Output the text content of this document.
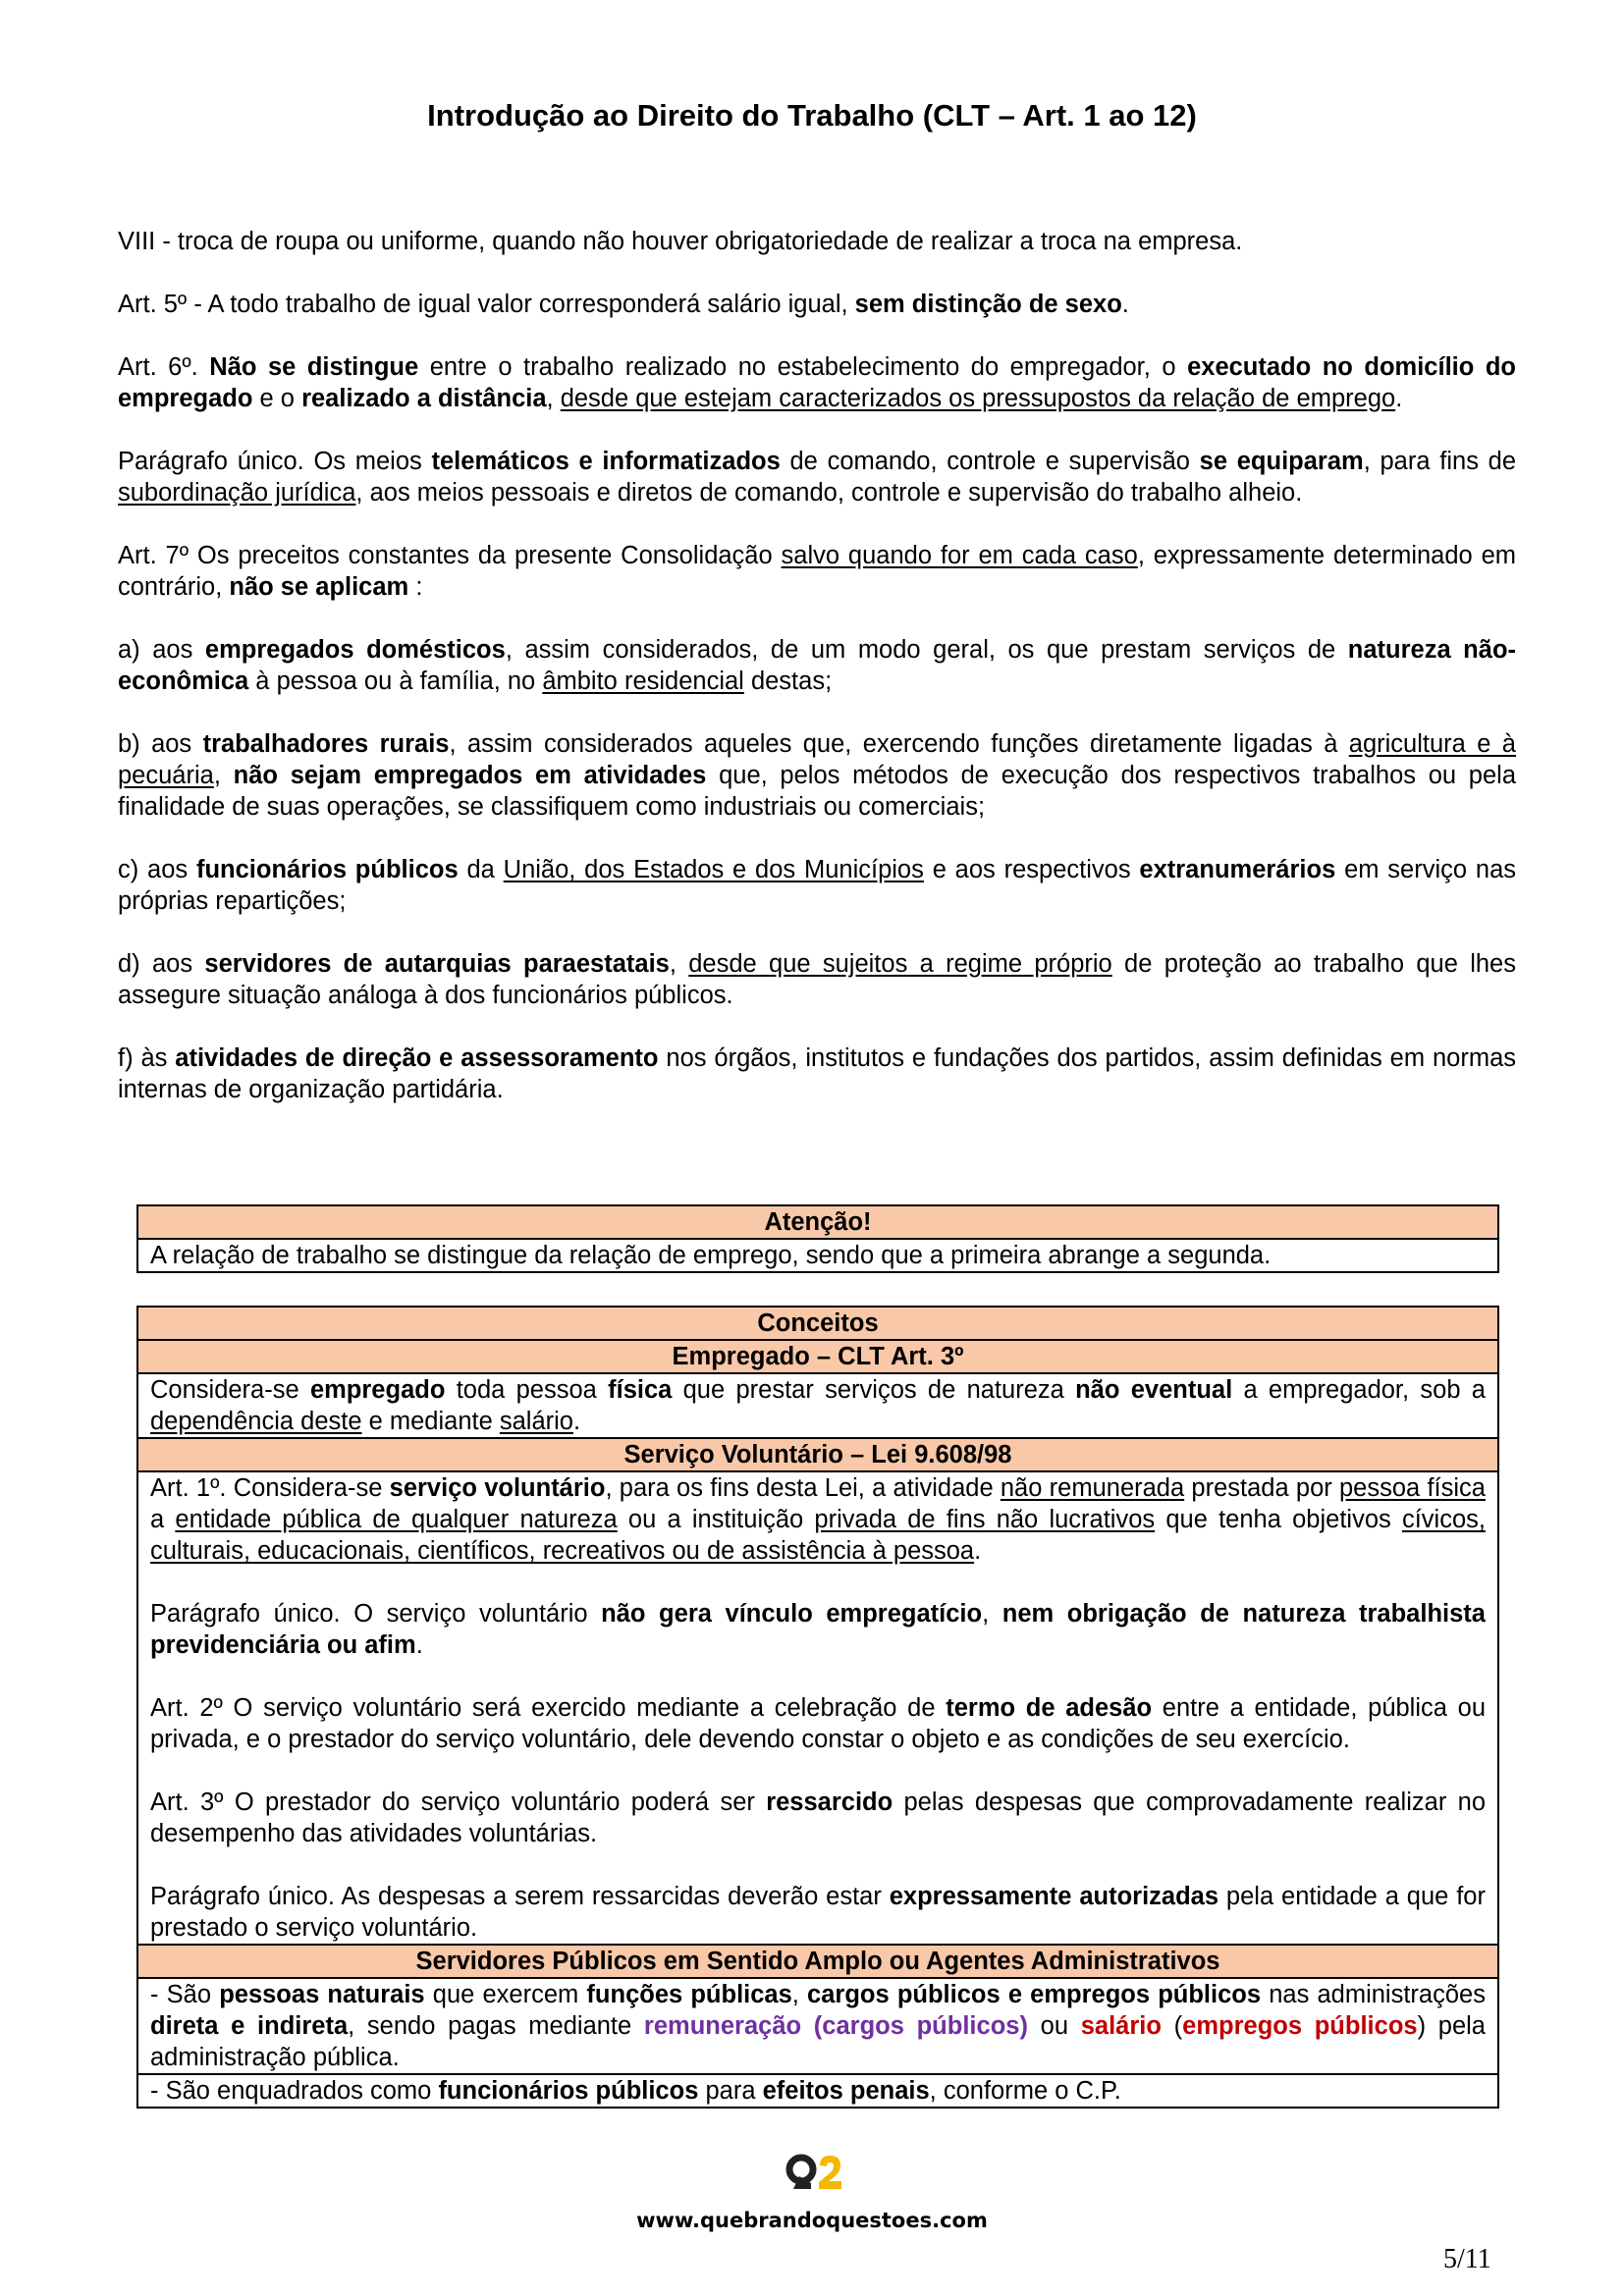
Introdução ao Direito do Trabalho (CLT – Art. 1 ao 12)

VIII - troca de roupa ou uniforme, quando não houver obrigatoriedade de realizar a troca na empresa.

Art. 5º - A todo trabalho de igual valor corresponderá salário igual, sem distinção de sexo.

Art. 6º. Não se distingue entre o trabalho realizado no estabelecimento do empregador, o executado no domicílio do empregado e o realizado a distância, desde que estejam caracterizados os pressupostos da relação de emprego.

Parágrafo único. Os meios telemáticos e informatizados de comando, controle e supervisão se equiparam, para fins de subordinação jurídica, aos meios pessoais e diretos de comando, controle e supervisão do trabalho alheio.

Art. 7º Os preceitos constantes da presente Consolidação salvo quando for em cada caso, expressamente determinado em contrário, não se aplicam :

a) aos empregados domésticos, assim considerados, de um modo geral, os que prestam serviços de natureza não-econômica à pessoa ou à família, no âmbito residencial destas;

b) aos trabalhadores rurais, assim considerados aqueles que, exercendo funções diretamente ligadas à agricultura e à pecuária, não sejam empregados em atividades que, pelos métodos de execução dos respectivos trabalhos ou pela finalidade de suas operações, se classifiquem como industriais ou comerciais;

c) aos funcionários públicos da União, dos Estados e dos Municípios e aos respectivos extranumerários em serviço nas próprias repartições;

d) aos servidores de autarquias paraestatais, desde que sujeitos a regime próprio de proteção ao trabalho que lhes assegure situação análoga à dos funcionários públicos.

f) às atividades de direção e assessoramento nos órgãos, institutos e fundações dos partidos, assim definidas em normas internas de organização partidária.

Atenção!
A relação de trabalho se distingue da relação de emprego, sendo que a primeira abrange a segunda.
Conceitos
Empregado – CLT Art. 3º
Considera-se empregado toda pessoa física que prestar serviços de natureza não eventual a empregador, sob a dependência deste e mediante salário.
Serviço Voluntário – Lei 9.608/98

Art. 1º. Considera-se serviço voluntário, para os fins desta Lei, a atividade não remunerada prestada por pessoa física a entidade pública de qualquer natureza ou a instituição privada de fins não lucrativos que tenha objetivos cívicos, culturais, educacionais, científicos, recreativos ou de assistência à pessoa.

Parágrafo único. O serviço voluntário não gera vínculo empregatício, nem obrigação de natureza trabalhista previdenciária ou afim.

Art. 2º O serviço voluntário será exercido mediante a celebração de termo de adesão entre a entidade, pública ou privada, e o prestador do serviço voluntário, dele devendo constar o objeto e as condições de seu exercício.

Art. 3º O prestador do serviço voluntário poderá ser ressarcido pelas despesas que comprovadamente realizar no desempenho das atividades voluntárias.

Parágrafo único. As despesas a serem ressarcidas deverão estar expressamente autorizadas pela entidade a que for prestado o serviço voluntário.

Servidores Públicos em Sentido Amplo ou Agentes Administrativos
- São pessoas naturais que exercem funções públicas, cargos públicos e empregos públicos nas administrações direta e indireta, sendo pagas mediante remuneração (cargos públicos) ou salário (empregos públicos) pela administração pública.
- São enquadrados como funcionários públicos para efeitos penais, conforme o C.P.
www.quebrandoquestoes.com
5/11
